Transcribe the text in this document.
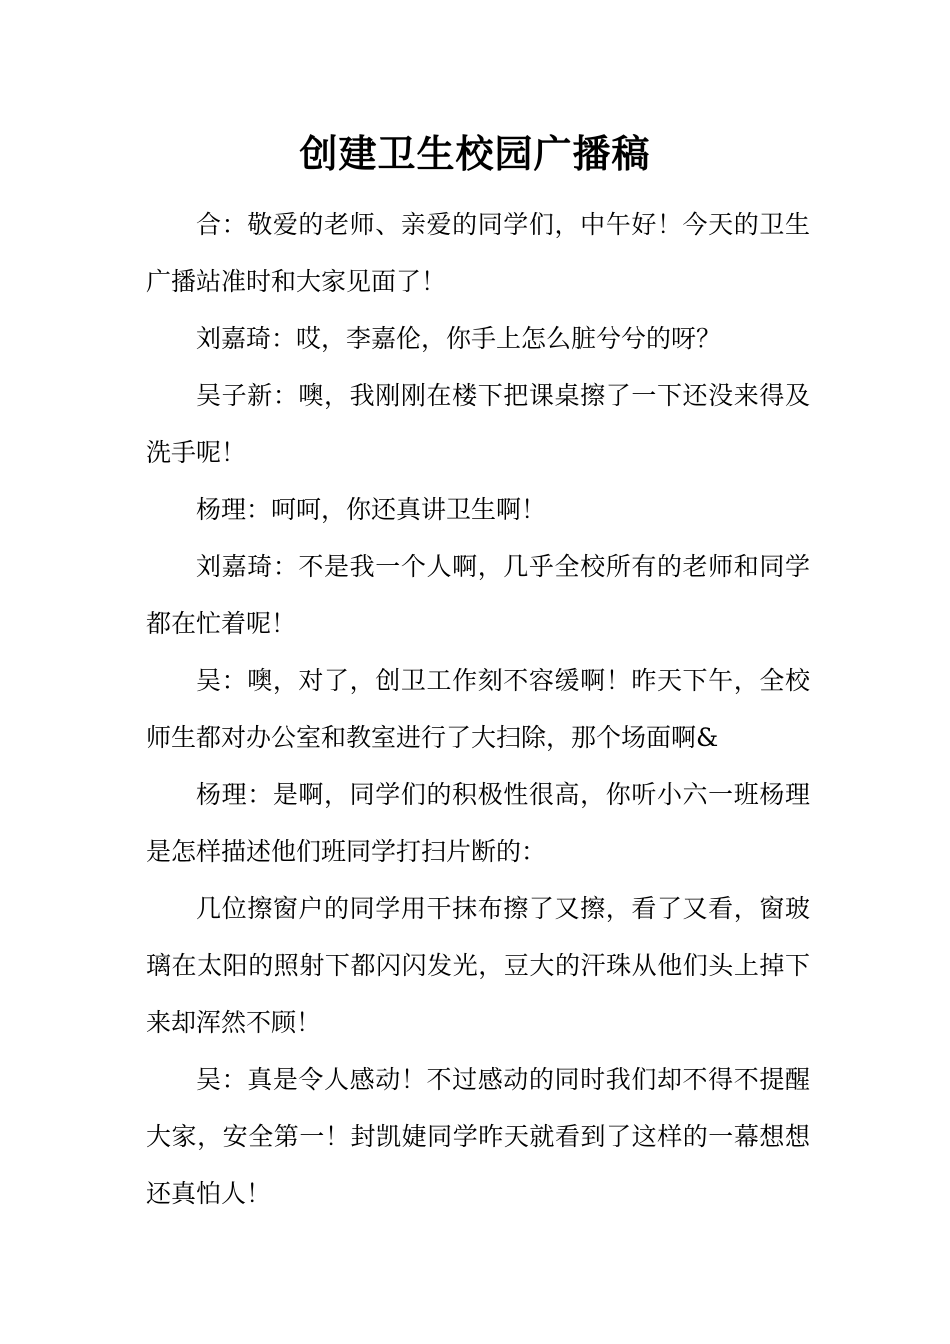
创建卫生校园广播稿

合：敬爱的老师、亲爱的同学们，中午好！今天的卫生广播站准时和大家见面了！

刘嘉琦：哎，李嘉伦，你手上怎么脏兮兮的呀？

吴子新：噢，我刚刚在楼下把课桌擦了一下还没来得及洗手呢！

杨理：呵呵，你还真讲卫生啊！

刘嘉琦：不是我一个人啊，几乎全校所有的老师和同学都在忙着呢！

吴：噢，对了，创卫工作刻不容缓啊！昨天下午，全校师生都对办公室和教室进行了大扫除，那个场面啊&

杨理：是啊，同学们的积极性很高，你听小六一班杨理是怎样描述他们班同学打扫片断的：

几位擦窗户的同学用干抹布擦了又擦，看了又看，窗玻璃在太阳的照射下都闪闪发光，豆大的汗珠从他们头上掉下来却浑然不顾！

吴：真是令人感动！不过感动的同时我们却不得不提醒大家，安全第一！封凯婕同学昨天就看到了这样的一幕想想还真怕人！
